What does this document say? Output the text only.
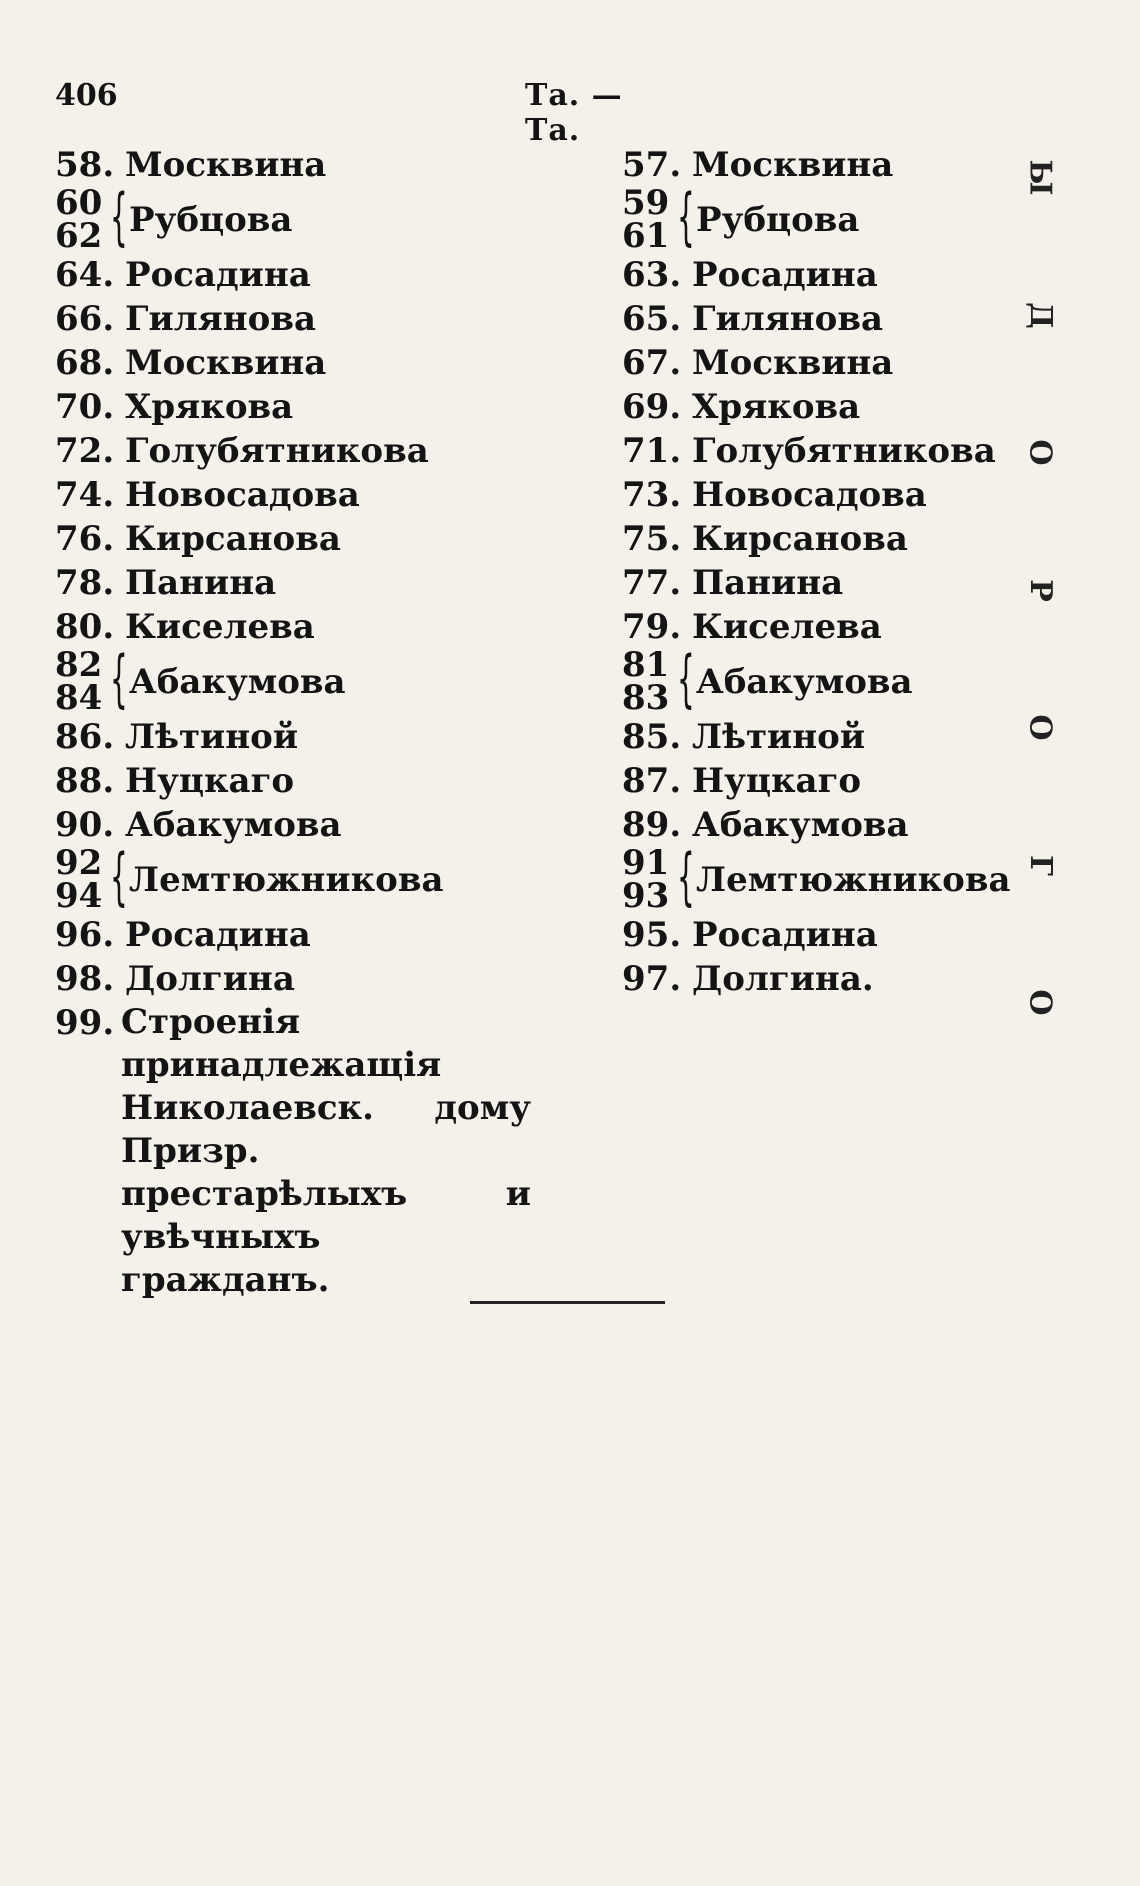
406	Та. — Та.
58. Москвина
60
62 { Рубцова
64. Росадина
66. Гилянова
68. Москвина
70. Хрякова
72. Голубятникова
74. Новосадова
76. Кирсанова
78. Панина
80. Киселева
82
84 { Абакумова
86. Лѣтиной
88. Нуцкаго
90. Абакумова
92
94 { Лемтюжникова
96. Росадина
98. Долгина
99. Строенія принадлежащія Николаевск. дому Призр. престарѣлыхъ и увѣчныхъ гражданъ.
57. Москвина
59
61 { Рубцова
63. Росадина
65. Гилянова
67. Москвина
69. Хрякова
71. Голубятникова
73. Новосадова
75. Кирсанова
77. Панина
79. Киселева
81
83 { Абакумова
85. Лѣтиной
87. Нуцкаго
89. Абакумова
91
93 { Лемтюжникова
95. Росадина
97. Долгина.
Ы
Д
О
Р
О
Г
О
